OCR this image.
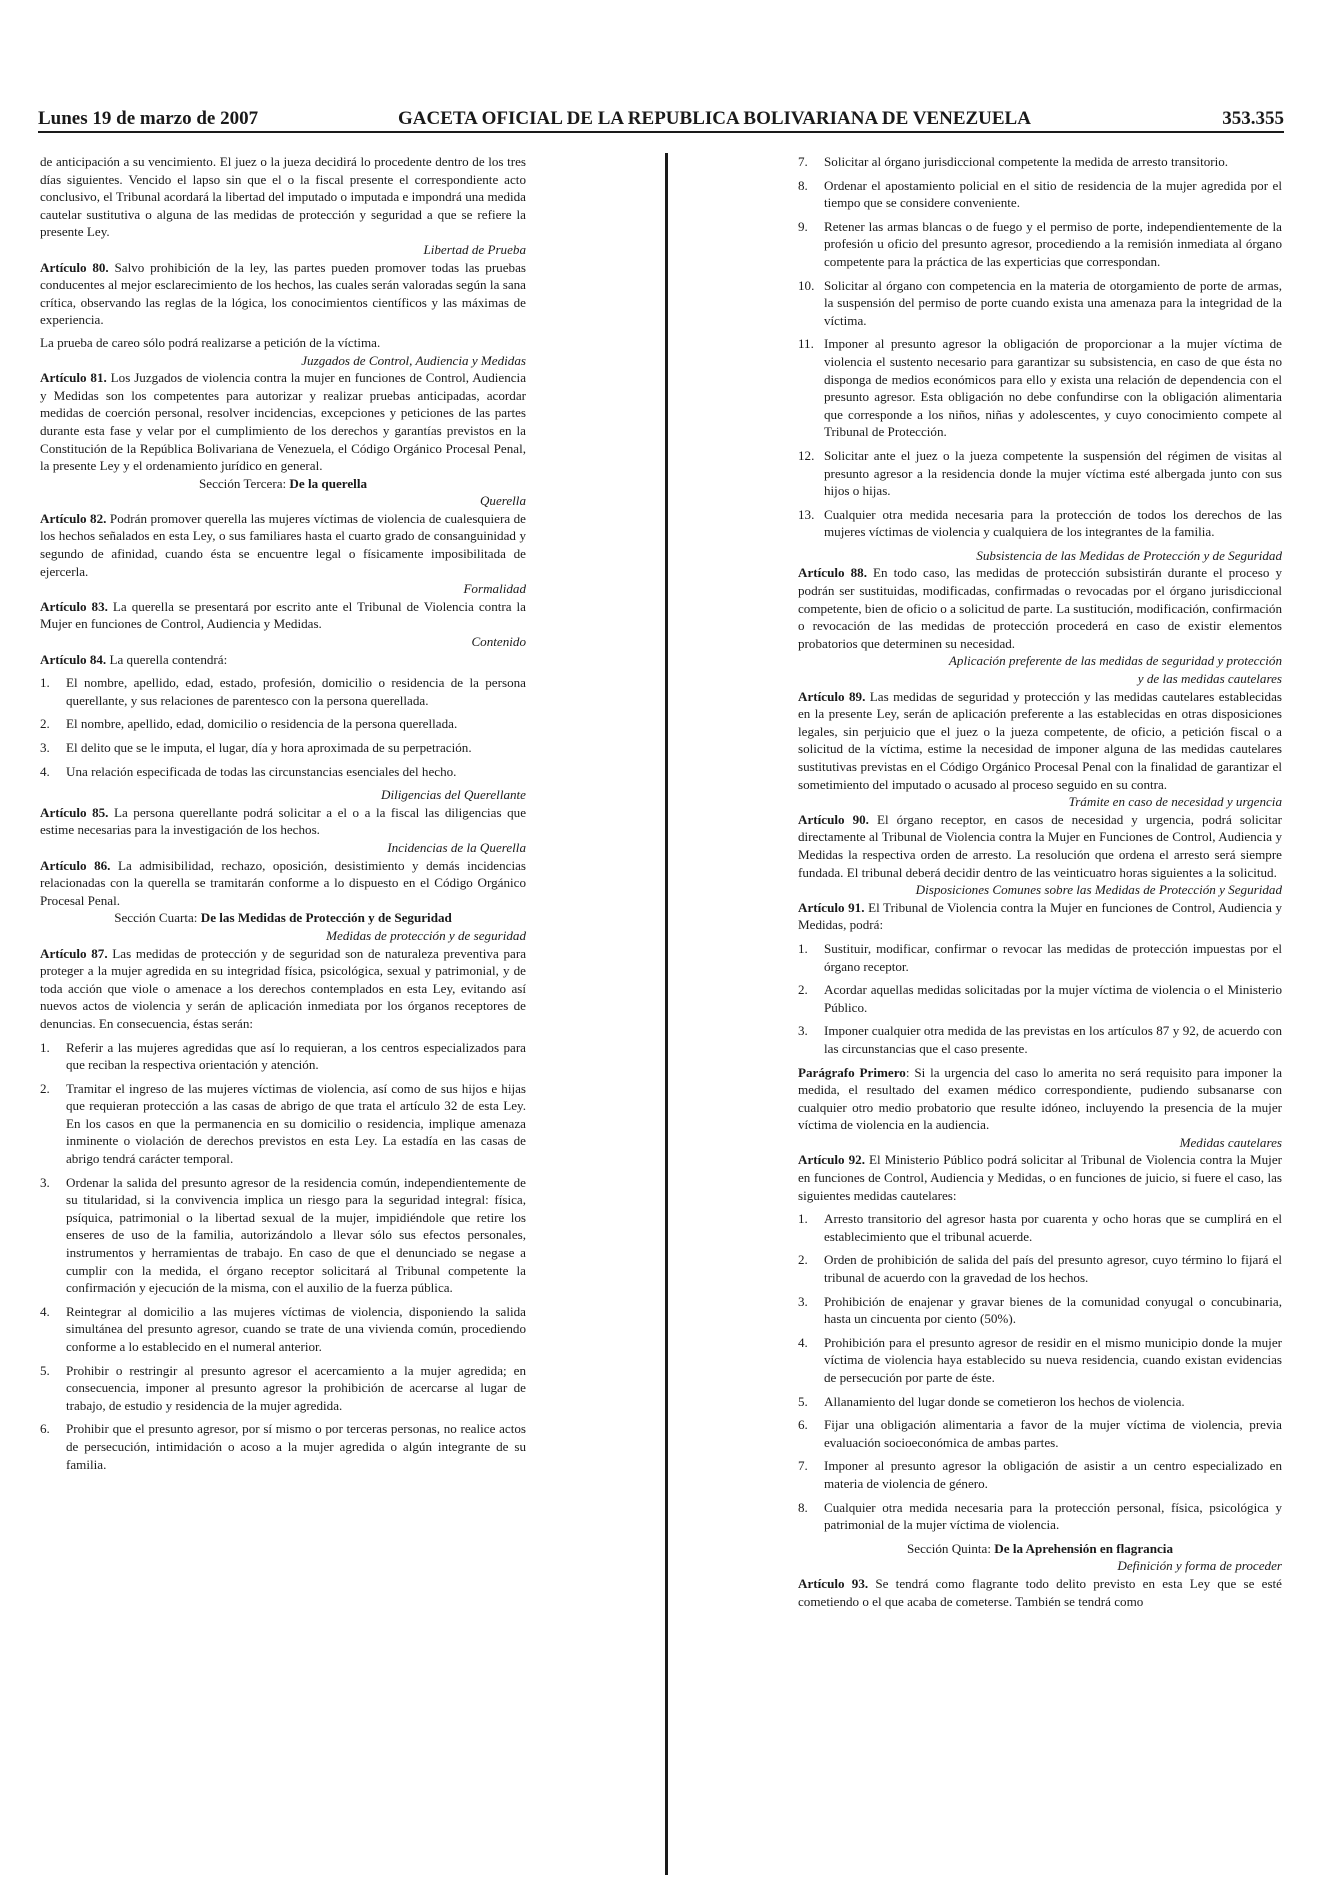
Lunes 19 de marzo de 2007	GACETA OFICIAL DE LA REPUBLICA BOLIVARIANA DE VENEZUELA	353.355

de anticipación a su vencimiento. El juez o la jueza decidirá lo procedente dentro de los tres días siguientes. Vencido el lapso sin que el o la fiscal presente el correspondiente acto conclusivo, el Tribunal acordará la libertad del imputado o imputada e impondrá una medida cautelar sustitutiva o alguna de las medidas de protección y seguridad a que se refiere la presente Ley.

Libertad de Prueba

Artículo 80. Salvo prohibición de la ley, las partes pueden promover todas las pruebas conducentes al mejor esclarecimiento de los hechos, las cuales serán valoradas según la sana crítica, observando las reglas de la lógica, los conocimientos científicos y las máximas de experiencia.

La prueba de careo sólo podrá realizarse a petición de la víctima.

Juzgados de Control, Audiencia y Medidas

Artículo 81. Los Juzgados de violencia contra la mujer en funciones de Control, Audiencia y Medidas son los competentes para autorizar y realizar pruebas anticipadas, acordar medidas de coerción personal, resolver incidencias, excepciones y peticiones de las partes durante esta fase y velar por el cumplimiento de los derechos y garantías previstos en la Constitución de la República Bolivariana de Venezuela, el Código Orgánico Procesal Penal, la presente Ley y el ordenamiento jurídico en general.

Sección Tercera: De la querella

Querella

Artículo 82. Podrán promover querella las mujeres víctimas de violencia de cualesquiera de los hechos señalados en esta Ley, o sus familiares hasta el cuarto grado de consanguinidad y segundo de afinidad, cuando ésta se encuentre legal o físicamente imposibilitada de ejercerla.

Formalidad

Artículo 83. La querella se presentará por escrito ante el Tribunal de Violencia contra la Mujer en funciones de Control, Audiencia y Medidas.

Contenido

Artículo 84. La querella contendrá:

1. El nombre, apellido, edad, estado, profesión, domicilio o residencia de la persona querellante, y sus relaciones de parentesco con la persona querellada.
2. El nombre, apellido, edad, domicilio o residencia de la persona querellada.
3. El delito que se le imputa, el lugar, día y hora aproximada de su perpetración.
4. Una relación especificada de todas las circunstancias esenciales del hecho.

Diligencias del Querellante

Artículo 85. La persona querellante podrá solicitar a el o a la fiscal las diligencias que estime necesarias para la investigación de los hechos.

Incidencias de la Querella

Artículo 86. La admisibilidad, rechazo, oposición, desistimiento y demás incidencias relacionadas con la querella se tramitarán conforme a lo dispuesto en el Código Orgánico Procesal Penal.

Sección Cuarta: De las Medidas de Protección y de Seguridad

Medidas de protección y de seguridad

Artículo 87. Las medidas de protección y de seguridad son de naturaleza preventiva para proteger a la mujer agredida en su integridad física, psicológica, sexual y patrimonial, y de toda acción que viole o amenace a los derechos contemplados en esta Ley, evitando así nuevos actos de violencia y serán de aplicación inmediata por los órganos receptores de denuncias. En consecuencia, éstas serán:

1. Referir a las mujeres agredidas que así lo requieran, a los centros especializados para que reciban la respectiva orientación y atención.
2. Tramitar el ingreso de las mujeres víctimas de violencia, así como de sus hijos e hijas que requieran protección a las casas de abrigo de que trata el artículo 32 de esta Ley. En los casos en que la permanencia en su domicilio o residencia, implique amenaza inminente o violación de derechos previstos en esta Ley. La estadía en las casas de abrigo tendrá carácter temporal.
3. Ordenar la salida del presunto agresor de la residencia común, independientemente de su titularidad, si la convivencia implica un riesgo para la seguridad integral: física, psíquica, patrimonial o la libertad sexual de la mujer, impidiéndole que retire los enseres de uso de la familia, autorizándolo a llevar sólo sus efectos personales, instrumentos y herramientas de trabajo. En caso de que el denunciado se negase a cumplir con la medida, el órgano receptor solicitará al Tribunal competente la confirmación y ejecución de la misma, con el auxilio de la fuerza pública.
4. Reintegrar al domicilio a las mujeres víctimas de violencia, disponiendo la salida simultánea del presunto agresor, cuando se trate de una vivienda común, procediendo conforme a lo establecido en el numeral anterior.
5. Prohibir o restringir al presunto agresor el acercamiento a la mujer agredida; en consecuencia, imponer al presunto agresor la prohibición de acercarse al lugar de trabajo, de estudio y residencia de la mujer agredida.
6. Prohibir que el presunto agresor, por sí mismo o por terceras personas, no realice actos de persecución, intimidación o acoso a la mujer agredida o algún integrante de su familia.
7. Solicitar al órgano jurisdiccional competente la medida de arresto transitorio.
8. Ordenar el apostamiento policial en el sitio de residencia de la mujer agredida por el tiempo que se considere conveniente.
9. Retener las armas blancas o de fuego y el permiso de porte, independientemente de la profesión u oficio del presunto agresor, procediendo a la remisión inmediata al órgano competente para la práctica de las experticias que correspondan.
10. Solicitar al órgano con competencia en la materia de otorgamiento de porte de armas, la suspensión del permiso de porte cuando exista una amenaza para la integridad de la víctima.
11. Imponer al presunto agresor la obligación de proporcionar a la mujer víctima de violencia el sustento necesario para garantizar su subsistencia, en caso de que ésta no disponga de medios económicos para ello y exista una relación de dependencia con el presunto agresor. Esta obligación no debe confundirse con la obligación alimentaria que corresponde a los niños, niñas y adolescentes, y cuyo conocimiento compete al Tribunal de Protección.
12. Solicitar ante el juez o la jueza competente la suspensión del régimen de visitas al presunto agresor a la residencia donde la mujer víctima esté albergada junto con sus hijos o hijas.
13. Cualquier otra medida necesaria para la protección de todos los derechos de las mujeres víctimas de violencia y cualquiera de los integrantes de la familia.

Subsistencia de las Medidas de Protección y de Seguridad

Artículo 88. En todo caso, las medidas de protección subsistirán durante el proceso y podrán ser sustituidas, modificadas, confirmadas o revocadas por el órgano jurisdiccional competente, bien de oficio o a solicitud de parte. La sustitución, modificación, confirmación o revocación de las medidas de protección procederá en caso de existir elementos probatorios que determinen su necesidad.

Aplicación preferente de las medidas de seguridad y protección

y de las medidas cautelares

Artículo 89. Las medidas de seguridad y protección y las medidas cautelares establecidas en la presente Ley, serán de aplicación preferente a las establecidas en otras disposiciones legales, sin perjuicio que el juez o la jueza competente, de oficio, a petición fiscal o a solicitud de la víctima, estime la necesidad de imponer alguna de las medidas cautelares sustitutivas previstas en el Código Orgánico Procesal Penal con la finalidad de garantizar el sometimiento del imputado o acusado al proceso seguido en su contra.

Trámite en caso de necesidad y urgencia

Artículo 90. El órgano receptor, en casos de necesidad y urgencia, podrá solicitar directamente al Tribunal de Violencia contra la Mujer en Funciones de Control, Audiencia y Medidas la respectiva orden de arresto. La resolución que ordena el arresto será siempre fundada. El tribunal deberá decidir dentro de las veinticuatro horas siguientes a la solicitud.

Disposiciones Comunes sobre las Medidas de Protección y Seguridad

Artículo 91. El Tribunal de Violencia contra la Mujer en funciones de Control, Audiencia y Medidas, podrá:

1. Sustituir, modificar, confirmar o revocar las medidas de protección impuestas por el órgano receptor.
2. Acordar aquellas medidas solicitadas por la mujer víctima de violencia o el Ministerio Público.
3. Imponer cualquier otra medida de las previstas en los artículos 87 y 92, de acuerdo con las circunstancias que el caso presente.

Parágrafo Primero: Si la urgencia del caso lo amerita no será requisito para imponer la medida, el resultado del examen médico correspondiente, pudiendo subsanarse con cualquier otro medio probatorio que resulte idóneo, incluyendo la presencia de la mujer víctima de violencia en la audiencia.

Medidas cautelares

Artículo 92. El Ministerio Público podrá solicitar al Tribunal de Violencia contra la Mujer en funciones de Control, Audiencia y Medidas, o en funciones de juicio, si fuere el caso, las siguientes medidas cautelares:

1. Arresto transitorio del agresor hasta por cuarenta y ocho horas que se cumplirá en el establecimiento que el tribunal acuerde.
2. Orden de prohibición de salida del país del presunto agresor, cuyo término lo fijará el tribunal de acuerdo con la gravedad de los hechos.
3. Prohibición de enajenar y gravar bienes de la comunidad conyugal o concubinaria, hasta un cincuenta por ciento (50%).
4. Prohibición para el presunto agresor de residir en el mismo municipio donde la mujer víctima de violencia haya establecido su nueva residencia, cuando existan evidencias de persecución por parte de éste.
5. Allanamiento del lugar donde se cometieron los hechos de violencia.
6. Fijar una obligación alimentaria a favor de la mujer víctima de violencia, previa evaluación socioeconómica de ambas partes.
7. Imponer al presunto agresor la obligación de asistir a un centro especializado en materia de violencia de género.
8. Cualquier otra medida necesaria para la protección personal, física, psicológica y patrimonial de la mujer víctima de violencia.

Sección Quinta: De la Aprehensión en flagrancia

Definición y forma de proceder

Artículo 93. Se tendrá como flagrante todo delito previsto en esta Ley que se esté cometiendo o el que acaba de cometerse. También se tendrá como
